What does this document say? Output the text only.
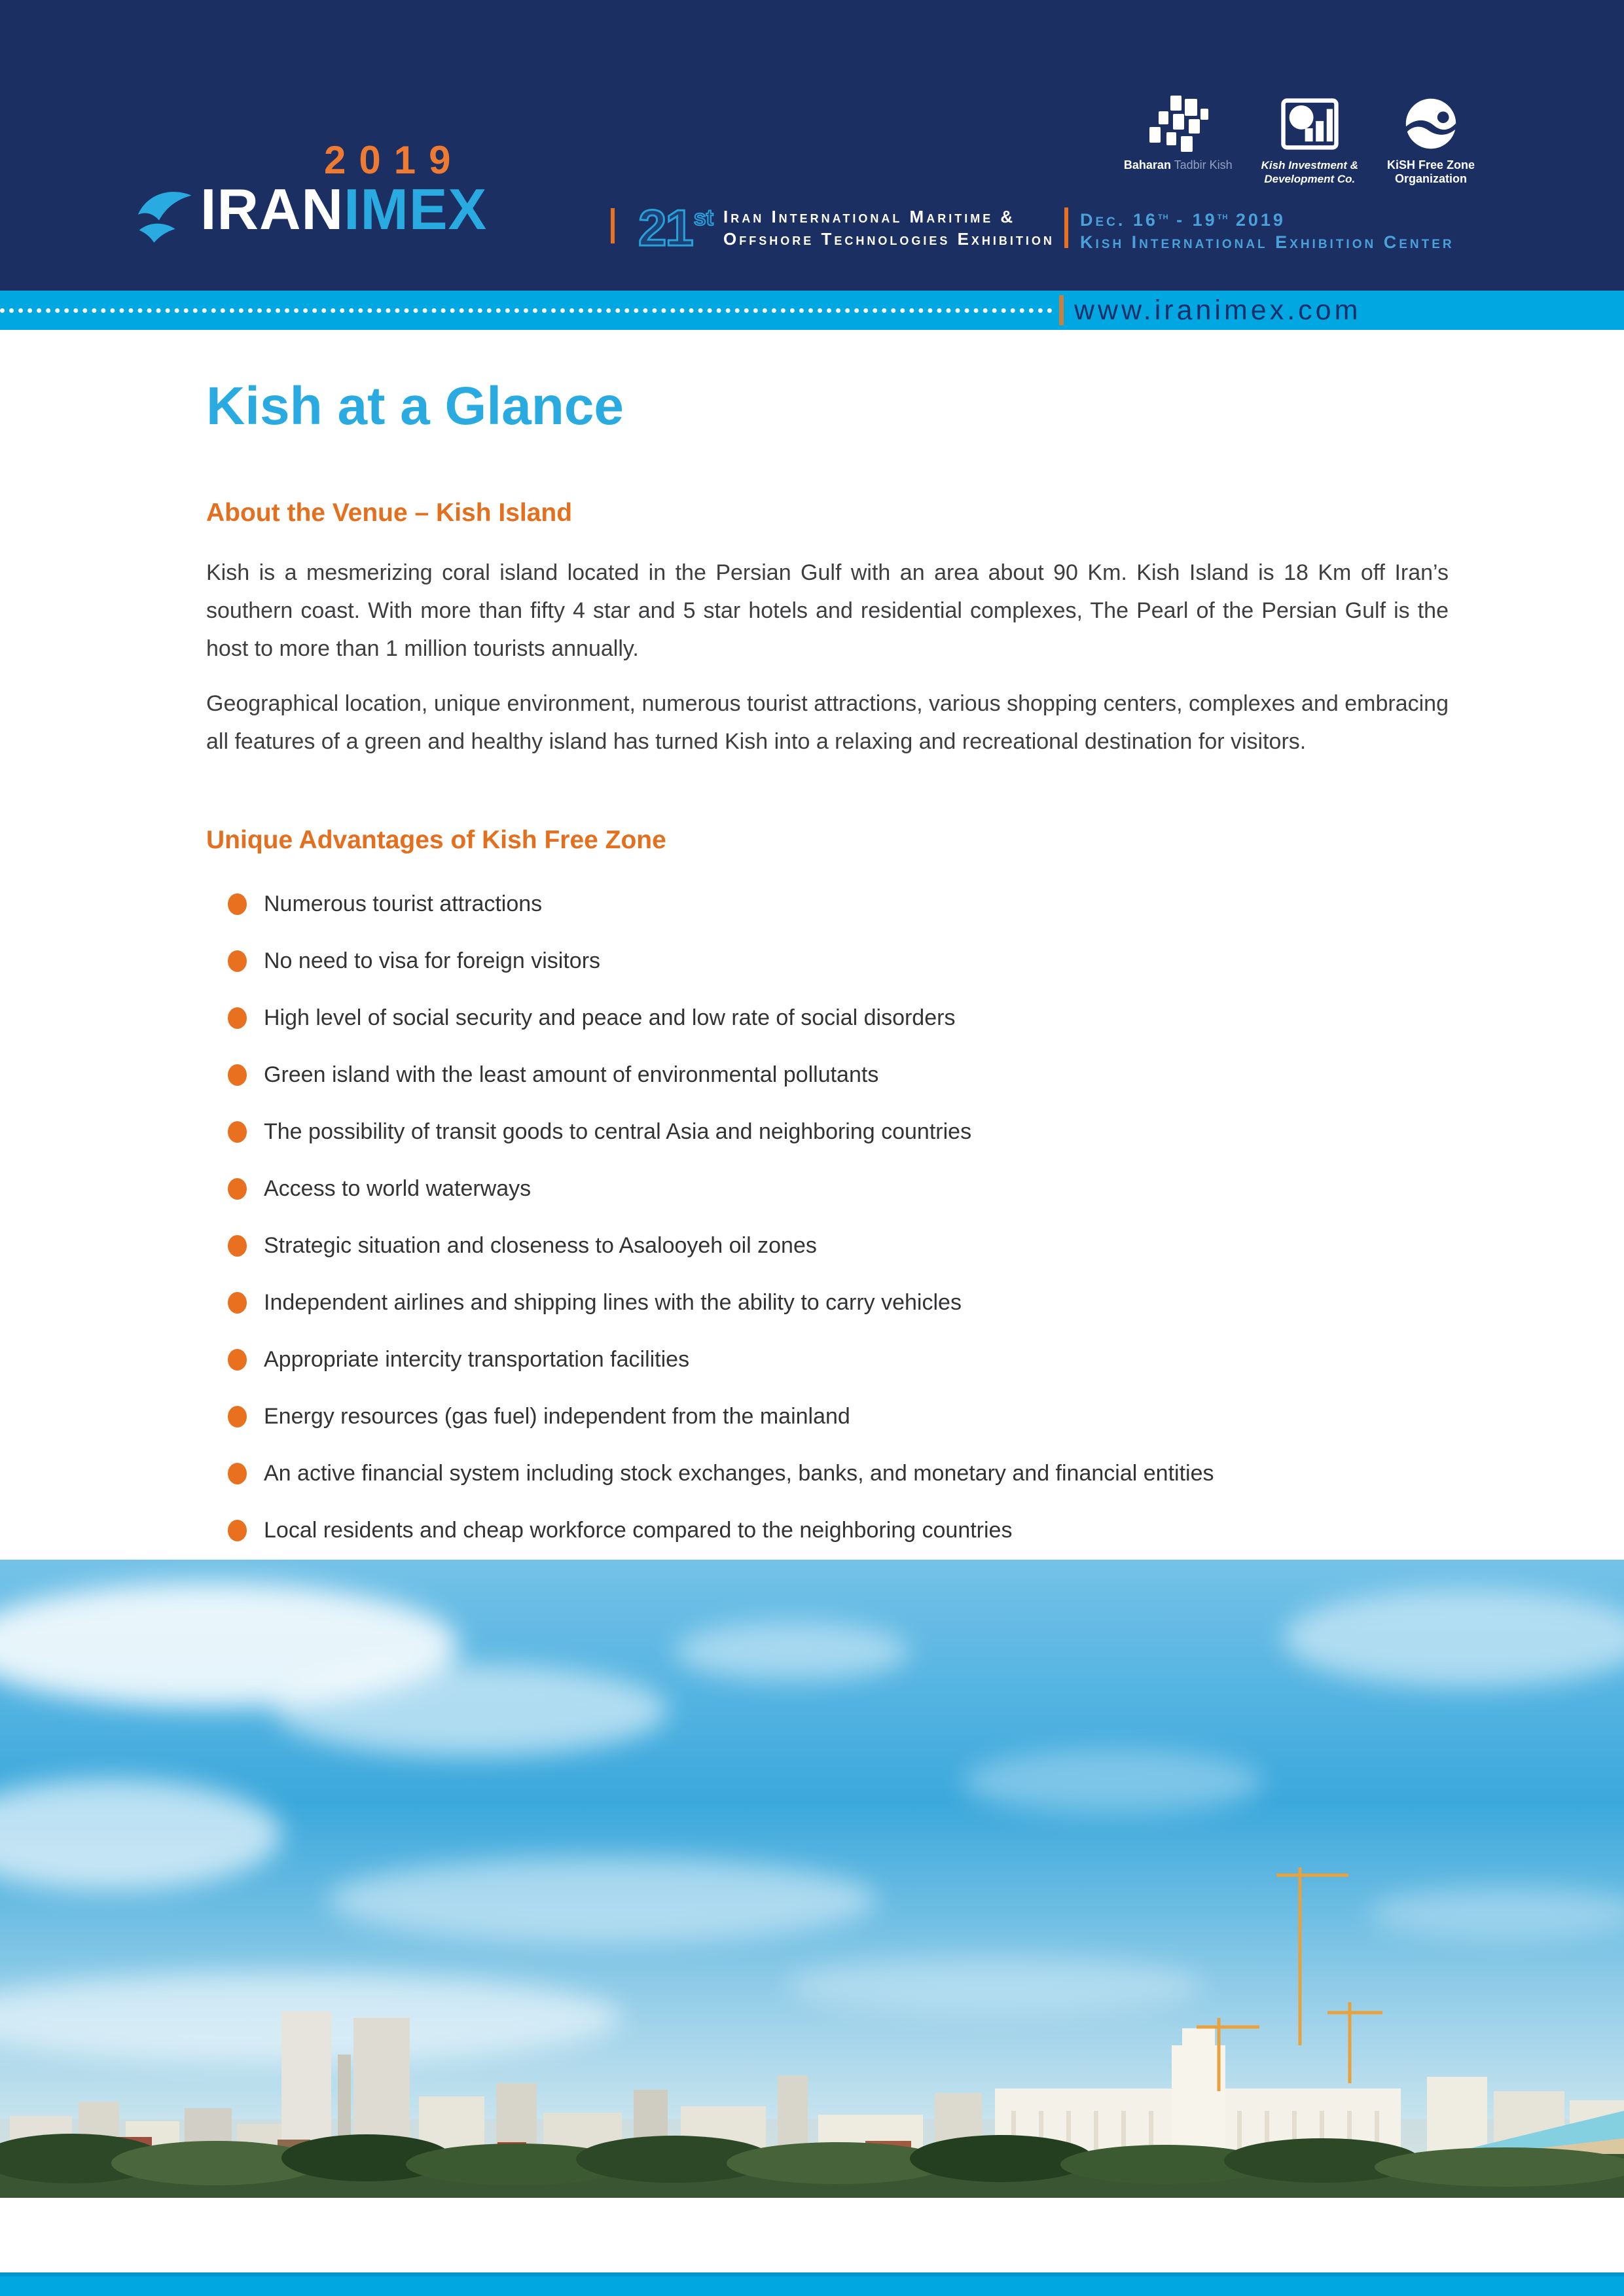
2019
IRANIMEX	21 st Iran International Maritime &
Offshore Technologies Exhibition
Dec. 16th - 19th 2019
Kish International Exhibition Center
Baharan Tadbir Kish	Kish Investment &
Development Co.
KiSH Free Zone
Organization
www.iranimex.com
Kish at a Glance
About the Venue – Kish Island

Kish is a mesmerizing coral island located in the Persian Gulf with an area about 90 Km. Kish Island is 18 Km off Iran’s southern coast. With more than fifty 4 star and 5 star hotels and residential complexes, The Pearl of the Persian Gulf is the host to more than 1 million tourists annually.

Geographical location, unique environment, numerous tourist attractions, various shopping centers, complexes and embracing all features of a green and healthy island has turned Kish into a relaxing and recreational destination for visitors.

Unique Advantages of Kish Free Zone
Numerous tourist attractions
No need to visa for foreign visitors
High level of social security and peace and low rate of social disorders
Green island with the least amount of environmental pollutants
The possibility of transit goods to central Asia and neighboring countries
Access to world waterways
Strategic situation and closeness to Asalooyeh oil zones
Independent airlines and shipping lines with the ability to carry vehicles
Appropriate intercity transportation facilities
Energy resources (gas fuel) independent from the mainland
An active financial system including stock exchanges, banks, and monetary and financial entities
Local residents and cheap workforce compared to the neighboring countries
